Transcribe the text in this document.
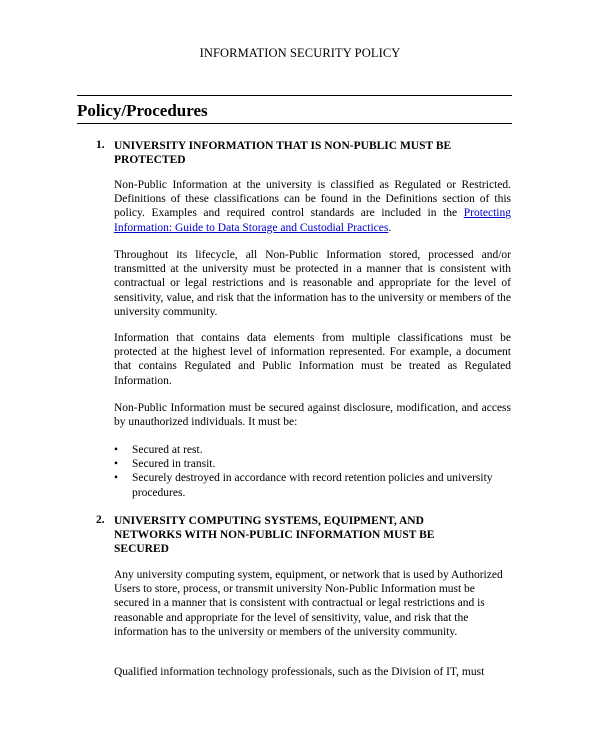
INFORMATION SECURITY POLICY
Policy/Procedures
1. UNIVERSITY INFORMATION THAT IS NON-PUBLIC MUST BE
PROTECTED
Non-Public Information at the university is classified as Regulated or Restricted. Definitions of these classifications can be found in the Definitions section of this policy. Examples and required control standards are included in the Protecting Information: Guide to Data Storage and Custodial Practices.
Throughout its lifecycle, all Non-Public Information stored, processed and/or transmitted at the university must be protected in a manner that is consistent with contractual or legal restrictions and is reasonable and appropriate for the level of sensitivity, value, and risk that the information has to the university or members of the university community.
Information that contains data elements from multiple classifications must be protected at the highest level of information represented. For example, a document that contains Regulated and Public Information must be treated as Regulated Information.
Non-Public Information must be secured against disclosure, modification, and access by unauthorized individuals. It must be:
• Secured at rest.
• Secured in transit.
• Securely destroyed in accordance with record retention policies and university procedures.
2. UNIVERSITY COMPUTING SYSTEMS, EQUIPMENT, AND
NETWORKS WITH NON-PUBLIC INFORMATION MUST BE
SECURED
Any university computing system, equipment, or network that is used by Authorized Users to store, process, or transmit university Non-Public Information must be secured in a manner that is consistent with contractual or legal restrictions and is reasonable and appropriate for the level of sensitivity, value, and risk that the information has to the university or members of the university community.
Qualified information technology professionals, such as the Division of IT, must
